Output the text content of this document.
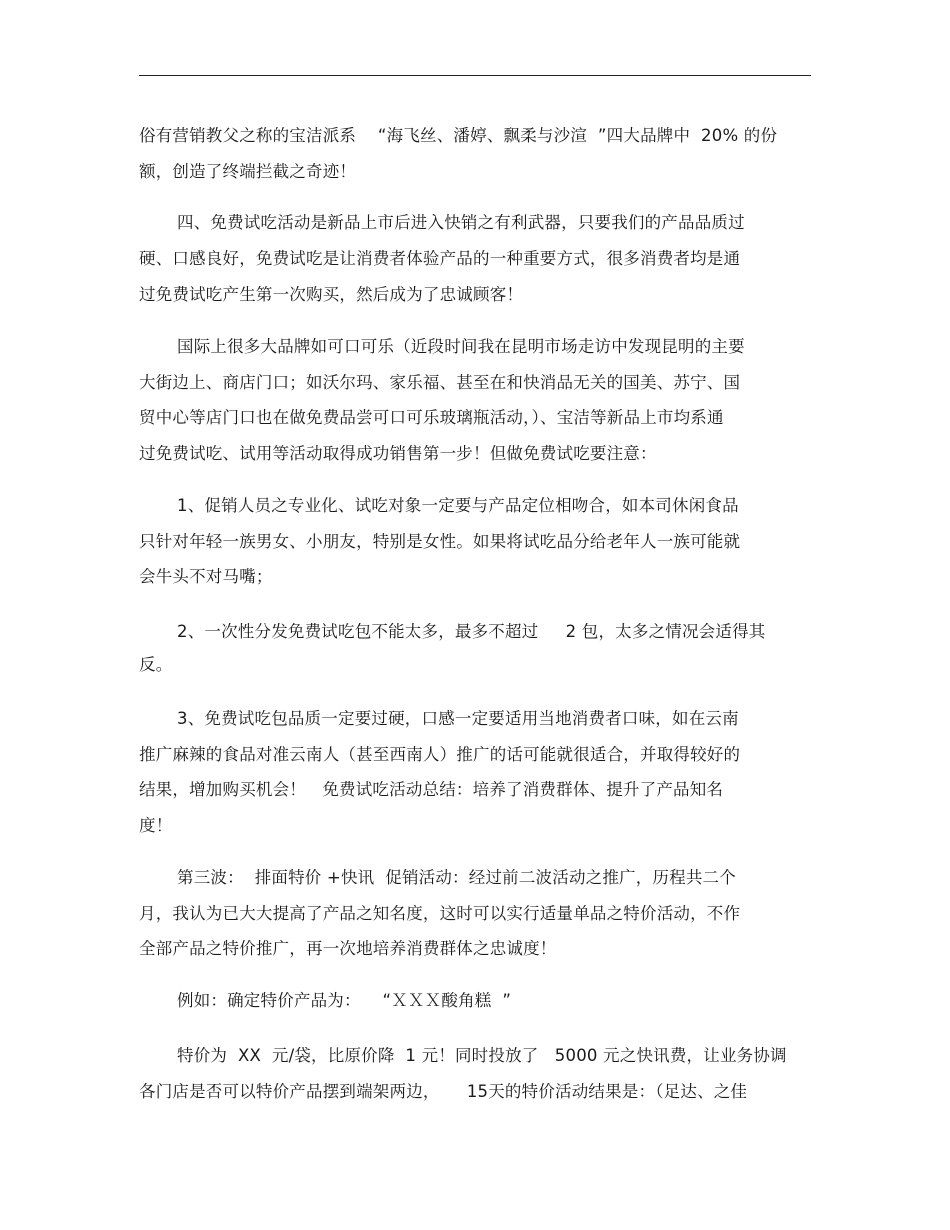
俗有营销教父之称的宝洁派系    “海飞丝、潘婷、飘柔与沙渲  ”四大品牌中  20% 的份
额，创造了终端拦截之奇迹！
四、免费试吃活动是新品上市后进入快销之有利武器，只要我们的产品品质过
硬、口感良好，免费试吃是让消费者体验产品的一种重要方式，很多消费者均是通
过免费试吃产生第一次购买，然后成为了忠诚顾客！
国际上很多大品牌如可口可乐（近段时间我在昆明市场走访中发现昆明的主要
大街边上、商店门口；如沃尔玛、家乐福、甚至在和快消品无关的国美、苏宁、国
贸中心等店门口也在做免费品尝可口可乐玻璃瓶活动，）、宝洁等新品上市均系通
过免费试吃、试用等活动取得成功销售第一步！但做免费试吃要注意：
1、促销人员之专业化、试吃对象一定要与产品定位相吻合，如本司休闲食品
只针对年轻一族男女、小朋友，特别是女性。如果将试吃品分给老年人一族可能就
会牛头不对马嘴；
2、一次性分发免费试吃包不能太多，最多不超过     2 包，太多之情况会适得其
反。
3、免费试吃包品质一定要过硬，口感一定要适用当地消费者口味，如在云南
推广麻辣的食品对准云南人（甚至西南人）推广的话可能就很适合，并取得较好的
结果，增加购买机会！   免费试吃活动总结：培养了消费群体、提升了产品知名
度！
第三波：  排面特价 +快讯  促销活动：经过前二波活动之推广，历程共二个
月，我认为已大大提高了产品之知名度，这时可以实行适量单品之特价活动，不作
全部产品之特价推广，再一次地培养消费群体之忠诚度！
例如：确定特价产品为：    “ＸＸＸ酸角糕  ”
特价为  XX  元/袋，比原价降  1 元！同时投放了   5000 元之快讯费，让业务协调
各门店是否可以特价产品摆到端架两边，     15天的特价活动结果是：（足达、之佳
